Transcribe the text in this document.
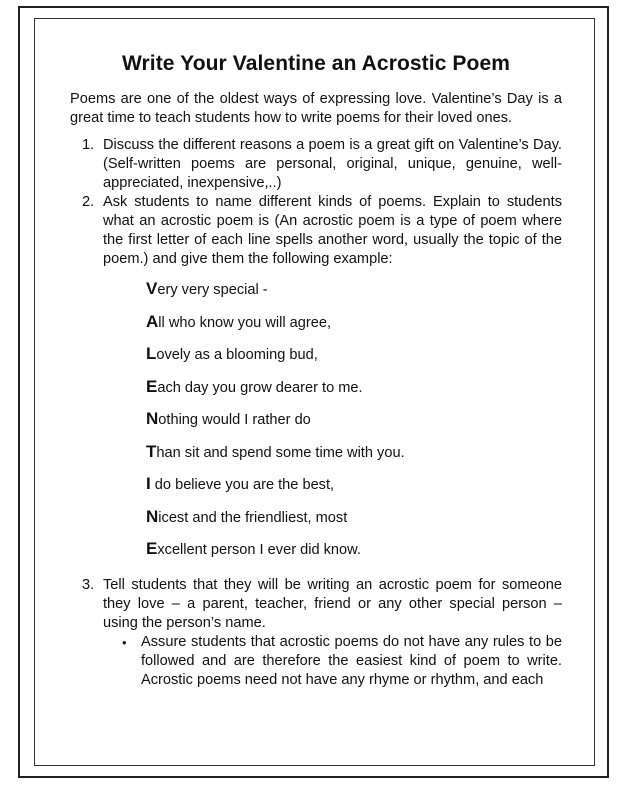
Write Your Valentine an Acrostic Poem

Poems are one of the oldest ways of expressing love. Valentine’s Day is a great time to teach students how to write poems for their loved ones.

1. Discuss the different reasons a poem is a great gift on Valentine’s Day. (Self-written poems are personal, original, unique, genuine, well-appreciated, inexpensive,..)
2. Ask students to name different kinds of poems. Explain to students what an acrostic poem is (An acrostic poem is a type of poem where the first letter of each line spells another word, usually the topic of the poem.) and give them the following example:
Very very special -
All who know you will agree,
Lovely as a blooming bud,
Each day you grow dearer to me.
Nothing would I rather do
Than sit and spend some time with you.
I do believe you are the best,
Nicest and the friendliest, most
Excellent person I ever did know.
3. Tell students that they will be writing an acrostic poem for someone they love – a parent, teacher, friend or any other special person – using the person’s name.
• Assure students that acrostic poems do not have any rules to be followed and are therefore the easiest kind of poem to write. Acrostic poems need not have any rhyme or rhythm, and each
